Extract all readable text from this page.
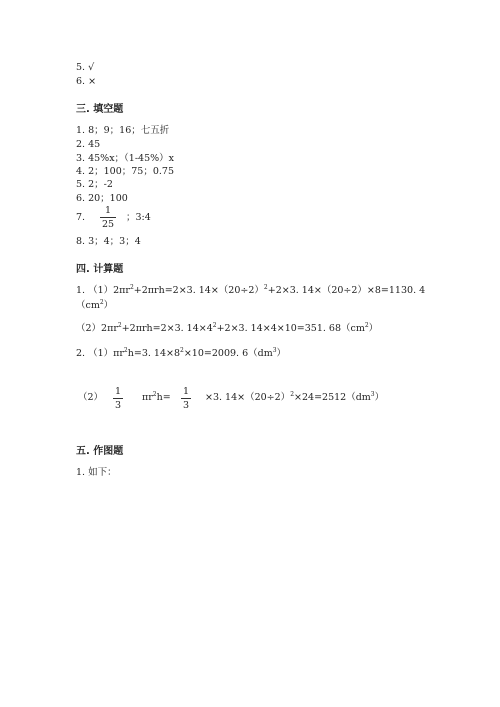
5. √
6. ×
三. 填空题
1. 8；9；16；七五折
2. 45
3. 45%x；（1-45%）x
4. 2；100；75；0.75
5. 2；-2
6. 20；100
7.
1
25
；3:4
8. 3；4；3；4
四. 计算题
1. $(1)2\pi r^2+2\pi rh=2\times 3$. $14\times(20\div 2)^2+2\times 3$. 14×（20÷2）×8=1130. 4
$(cm^2)$
$(2)2\pi r^2+2\pi rh=2\times 3$. $14\times 4^2+2\times 3$. 14×4×10=351. $68(cm^2)$
2. $(1)\pi r^2h=3$. $14\times 8^2\times 10=2009$. $6(dm^3)$
（2）
1
3
$\pi r^2h=$
1
3
×3. $14\times(20\div 2)^2\times 24=2512(dm^3)$
五. 作图题
1. 如下：
